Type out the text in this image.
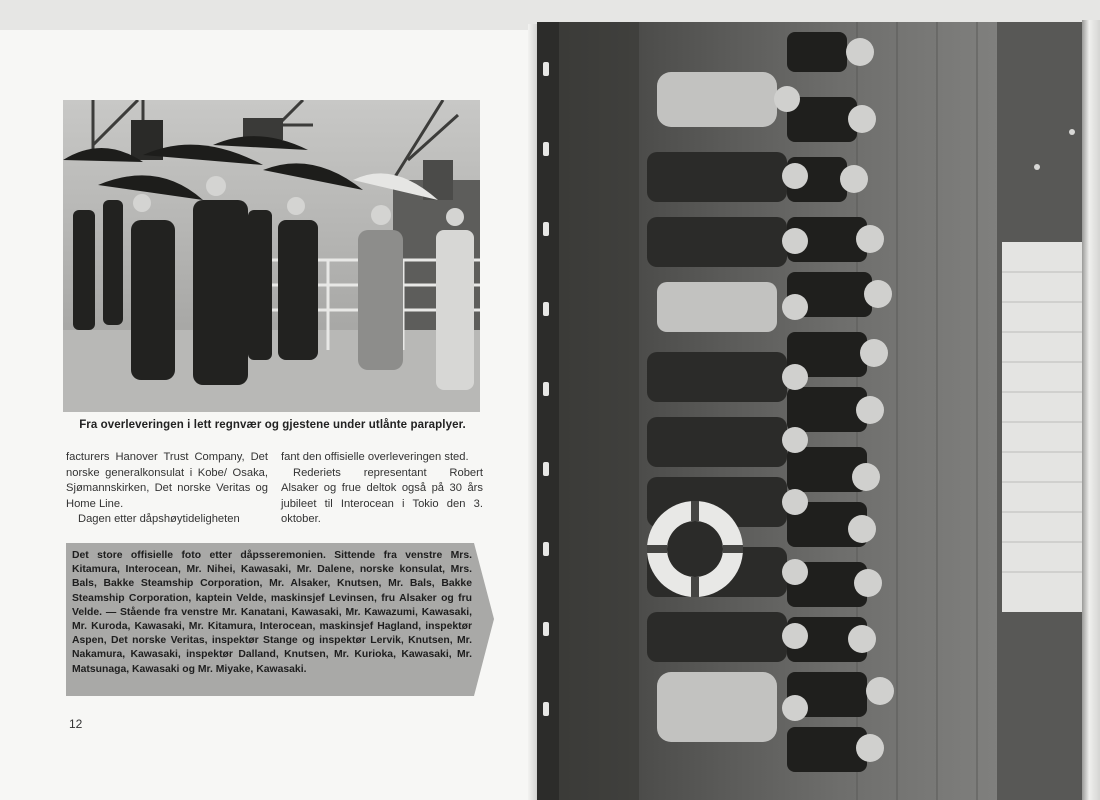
Fra overleveringen i lett regnvær og gjestene under utlånte paraplyer.

facturers Hanover Trust Company, Det norske generalkonsulat i Kobe/ Osaka, Sjømannskirken, Det norske Veritas og Home Line.

Dagen etter dåpshøytideligheten

fant den offisielle overleveringen sted.

Rederiets representant Robert Alsaker og frue deltok også på 30 års jubileet til Interocean i Tokio den 3. oktober.

Det store offisielle foto etter dåpsseremonien. Sittende fra venstre Mrs. Kitamura, Interocean, Mr. Nihei, Kawasaki, Mr. Dalene, norske konsulat, Mrs. Bals, Bakke Steamship Corporation, Mr. Alsaker, Knutsen, Mr. Bals, Bakke Steamship Corporation, kaptein Velde, maskinsjef Levinsen, fru Alsaker og fru Velde. — Stående fra venstre Mr. Kanatani, Kawasaki, Mr. Kawazumi, Kawasaki, Mr. Kuroda, Kawasaki, Mr. Kitamura, Interocean, maskinsjef Hagland, inspektør Aspen, Det norske Veritas, inspektør Stange og inspektør Lervik, Knutsen, Mr. Nakamura, Kawasaki, inspektør Dalland, Knutsen, Mr. Kurioka, Kawasaki, Mr. Matsunaga, Kawasaki og Mr. Miyake, Kawasaki.
12
